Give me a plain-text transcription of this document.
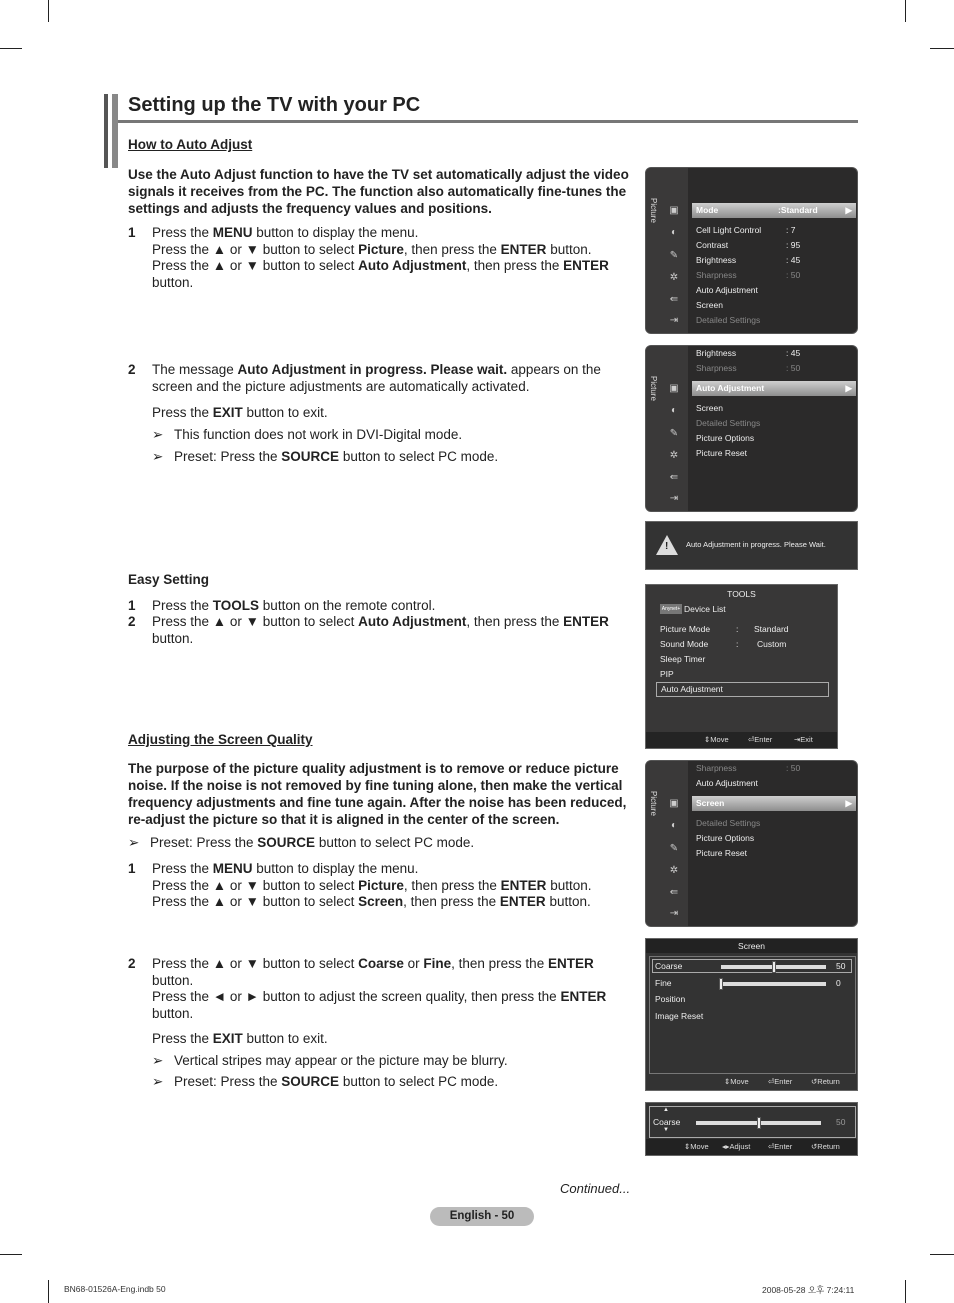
Setting up the TV with your PC
How to Auto Adjust
Use the Auto Adjust function to have the TV set automatically adjust the video signals it receives from the PC. The function also automatically fine-tunes the settings and adjusts the frequency values and positions.
1 Press the MENU button to display the menu.
Press the ▲ or ▼ button to select Picture, then press the ENTER button.
Press the ▲ or ▼ button to select Auto Adjustment, then press the ENTER button.
2 The message Auto Adjustment in progress. Please wait. appears on the screen and the picture adjustments are automatically activated.
Press the EXIT button to exit.
➢ This function does not work in DVI-Digital mode.
➢ Preset: Press the SOURCE button to select PC mode.
Easy Setting
1 Press the TOOLS button on the remote control.
2 Press the ▲ or ▼ button to select Auto Adjustment, then press the ENTER button.
Adjusting the Screen Quality
The purpose of the picture quality adjustment is to remove or reduce picture noise. If the noise is not removed by fine tuning alone, then make the vertical frequency adjustments and fine tune again. After the noise has been reduced, re-adjust the picture so that it is aligned in the center of the screen.
➢ Preset: Press the SOURCE button to select PC mode.
1 Press the MENU button to display the menu.
Press the ▲ or ▼ button to select Picture, then press the ENTER button.
Press the ▲ or ▼ button to select Screen, then press the ENTER button.
2 Press the ▲ or ▼ button to select Coarse or Fine, then press the ENTER button.
Press the ◄ or ► button to adjust the screen quality, then press the ENTER button.
Press the EXIT button to exit.
➢ Vertical stripes may appear or the picture may be blurry.
➢ Preset: Press the SOURCE button to select PC mode.
Picture ▣
◐
✎
✲
⇚
⇥
Mode	:Standard	▶
Cell Light Control	: 7
Contrast	: 95
Brightness	: 45
Sharpness	: 50
Auto Adjustment
Screen
Detailed Settings
Picture ▣
◐
✎
✲
⇚
⇥
Brightness	: 45
Sharpness	: 50
Auto Adjustment	▶
Screen
Detailed Settings
Picture Options
Picture Reset
! Auto Adjustment in progress. Please Wait.
TOOLS
Anynet+ Device List
Picture Mode	: Standard
Sound Mode	: Custom
Sleep Timer
PIP
Auto Adjustment
⇕Move	⏎Enter	⇥Exit
Picture ▣
◐
✎
✲
⇚
⇥
Sharpness	: 50
Auto Adjustment
Screen	▶
Detailed Settings
Picture Options
Picture Reset
Screen
Coarse	50
Fine	0
Position
Image Reset
⇕Move	⏎Enter	↺Return
▲
Coarse
▼
50
⇕Move ◂▸Adjust ⏎Enter	↺Return
Continued...
English - 50
BN68-01526A-Eng.indb 50	2008-05-28 오후 7:24:11
